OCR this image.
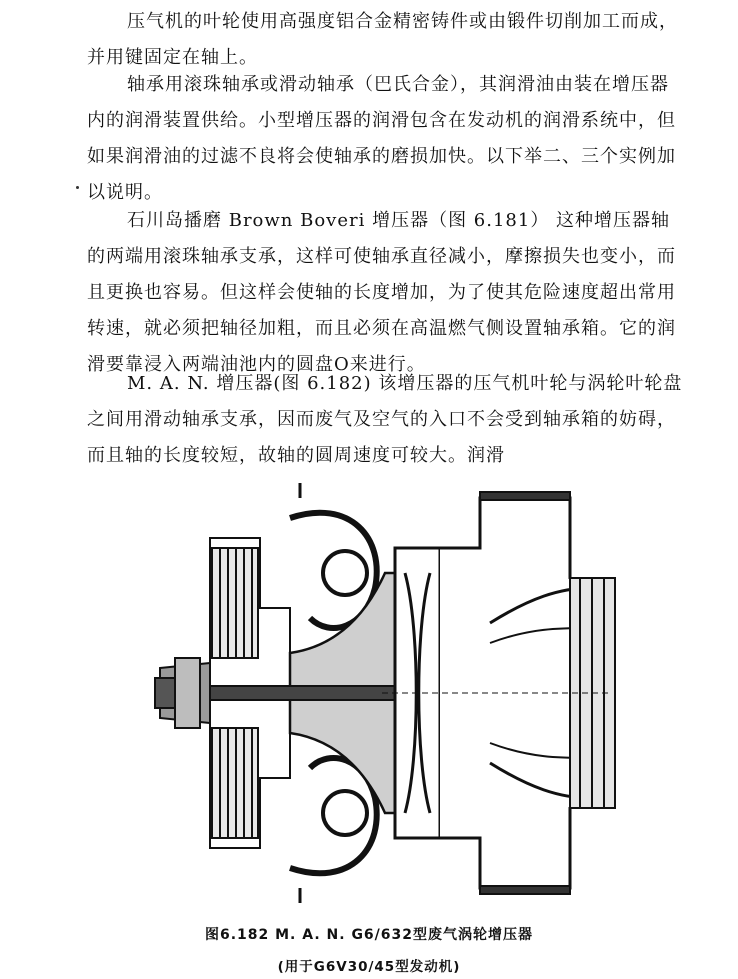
压气机的叶轮使用高强度铝合金精密铸件或由锻件切削加工而成，并用键固定在轴上。

轴承用滚珠轴承或滑动轴承（巴氏合金），其润滑油由装在增压器内的润滑装置供给。小型增压器的润滑包含在发动机的润滑系统中，但如果润滑油的过滤不良将会使轴承的磨损加快。以下举二、三个实例加以说明。

石川岛播磨 Brown Boveri 增压器（图 6.181） 这种增压器轴的两端用滚珠轴承支承，这样可使轴承直径减小，摩擦损失也变小，而且更换也容易。但这样会使轴的长度增加，为了使其危险速度超出常用转速，就必须把轴径加粗，而且必须在高温燃气侧设置轴承箱。它的润滑要靠浸入两端油池内的圆盘O来进行。

M. A. N. 增压器(图 6.182) 该增压器的压气机叶轮与涡轮叶轮盘之间用滑动轴承支承，因而废气及空气的入口不会受到轴承箱的妨碍，而且轴的长度较短，故轴的圆周速度可较大。润滑

图6.182 M. A. N. G6/632型废气涡轮增压器
(用于G6V30/45型发动机)
